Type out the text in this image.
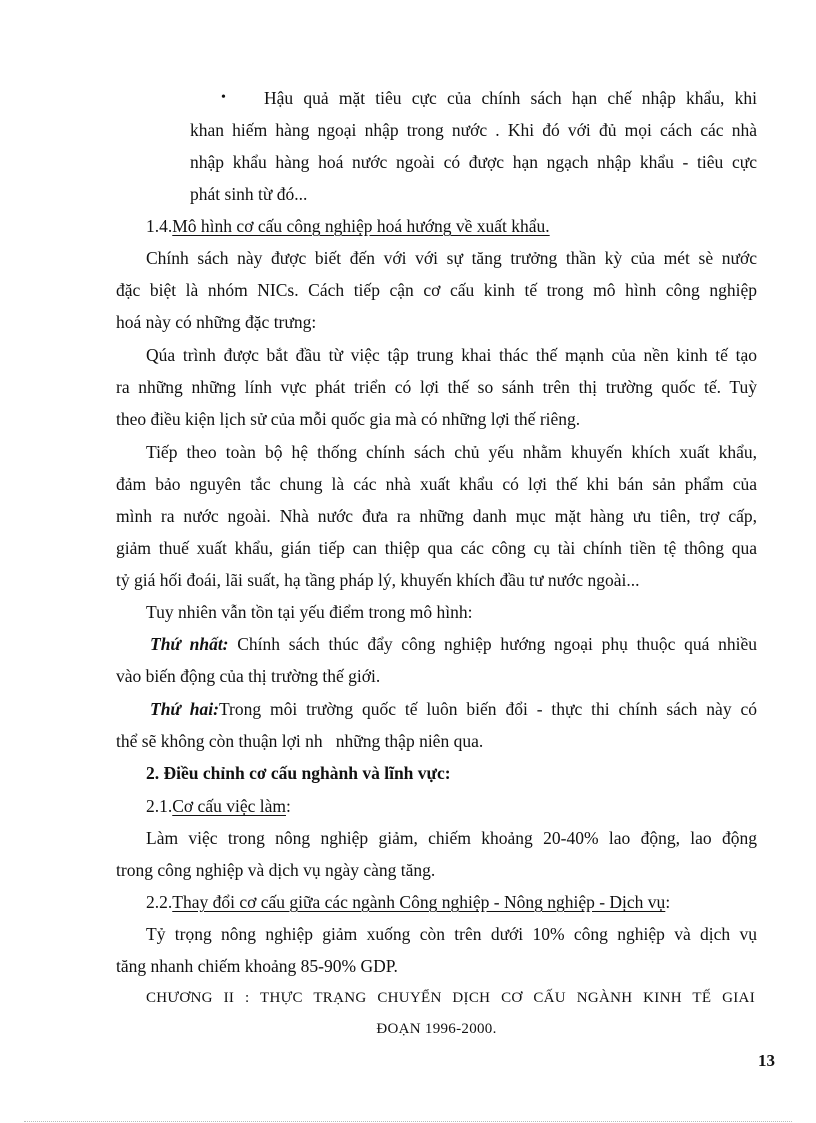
• Hậu quả mặt tiêu cực của chính sách hạn chế nhập khẩu, khi
khan hiếm hàng ngoại nhập trong nước . Khi đó với đủ mọi cách các nhà
nhập khẩu hàng hoá nước ngoài có được hạn ngạch nhập khẩu - tiêu cực
phát sinh từ đó...
1.4.Mô hình cơ cấu công nghiệp hoá hướng về xuất khẩu.
Chính sách này được biết đến với với sự tăng trưởng thần kỳ của mét sè nước
đặc biệt là nhóm NICs. Cách tiếp cận cơ cấu kinh tế trong mô hình công nghiệp
hoá này có những đặc trưng:
Qúa trình được bắt đầu từ việc tập trung khai thác thế mạnh của nền kinh tế tạo
ra những những lính vực phát triển có lợi thế so sánh trên thị trường quốc tế. Tuỳ
theo điều kiện lịch sử của mỗi quốc gia mà có những lợi thế riêng.
Tiếp theo toàn bộ hệ thống chính sách chủ yếu nhằm khuyến khích xuất khẩu,
đảm bảo nguyên tắc chung là các nhà xuất khẩu có lợi thế khi bán sản phẩm của
mình ra nước ngoài. Nhà nước đưa ra những danh mục mặt hàng ưu tiên, trợ cấp,
giảm thuế xuất khẩu, gián tiếp can thiệp qua các công cụ tài chính tiền tệ thông qua
tỷ giá hối đoái, lãi suất, hạ tầng pháp lý, khuyến khích đầu tư nước ngoài...
Tuy nhiên vẫn tồn tại yếu điểm trong mô hình:
Thứ nhất: Chính sách thúc đẩy công nghiệp hướng ngoại phụ thuộc quá nhiều
vào biến động của thị trường thế giới.
Thứ hai:Trong môi trường quốc tế luôn biến đổi - thực thi chính sách này có
thể sẽ không còn thuận lợi nh   những thập niên qua.
2. Điều chỉnh cơ cấu nghành và lĩnh vực:
2.1.Cơ cấu việc làm:
Làm việc trong nông nghiệp giảm, chiếm khoảng 20-40% lao động, lao động
trong công nghiệp và dịch vụ ngày càng tăng.
2.2.Thay đổi cơ cấu giữa các ngành Công nghiệp - Nông nghiệp - Dịch vụ:
Tỷ trọng nông nghiệp giảm xuống còn trên dưới 10% công nghiệp và dịch vụ
tăng nhanh chiếm khoảng 85-90% GDP.
CHƯƠNG II : THỰC TRẠNG CHUYỂN DỊCH CƠ CẤU NGÀNH KINH TẾ GIAI
ĐOẠN 1996-2000.
13
